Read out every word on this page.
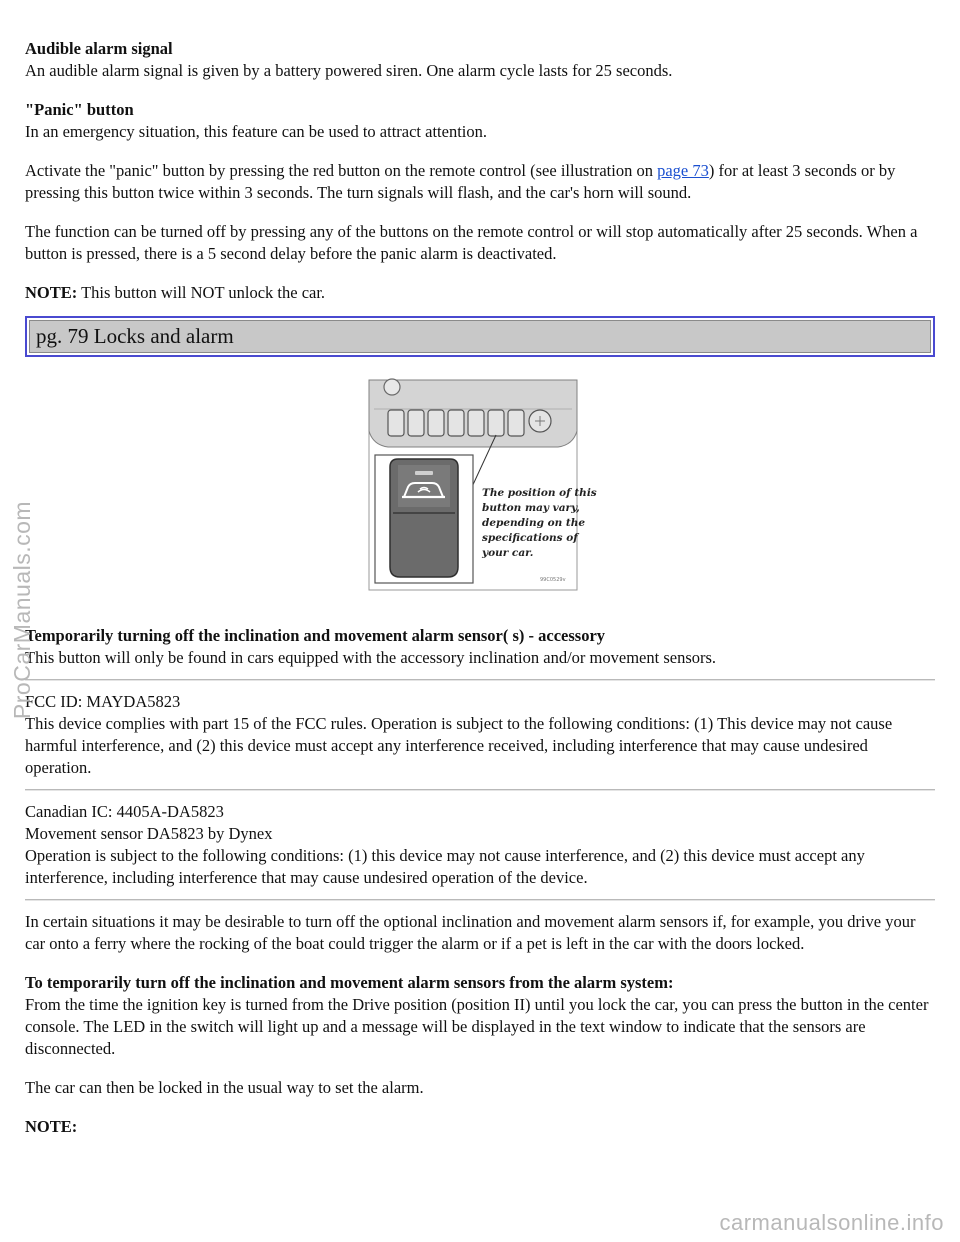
Audible alarm signal

An audible alarm signal is given by a battery powered siren. One alarm cycle lasts for 25 seconds.

"Panic" button

In an emergency situation, this feature can be used to attract attention.

Activate the "panic" button by pressing the red button on the remote control (see illustration on page 73) for at least 3 seconds or by pressing this button twice within 3 seconds. The turn signals will flash, and the car's horn will sound.

The function can be turned off by pressing any of the buttons on the remote control or will stop automatically after 25 seconds. When a button is pressed, there is a 5 second delay before the panic alarm is deactivated.

NOTE: This button will NOT unlock the car.

pg. 79 Locks and alarm
The position of this button may vary, depending on the specifications of your car.
99C0529v

Temporarily turning off the inclination and movement alarm sensor( s) - accessory

This button will only be found in cars equipped with the accessory inclination and/or movement sensors.

FCC ID: MAYDA5823

This device complies with part 15 of the FCC rules. Operation is subject to the following conditions: (1) This device may not cause harmful interference, and (2) this device must accept any interference received, including interference that may cause undesired operation.

Canadian IC: 4405A-DA5823

Movement sensor DA5823 by Dynex

Operation is subject to the following conditions: (1) this device may not cause interference, and (2) this device must accept any interference, including interference that may cause undesired operation of the device.

In certain situations it may be desirable to turn off the optional inclination and movement alarm sensors if, for example, you drive your car onto a ferry where the rocking of the boat could trigger the alarm or if a pet is left in the car with the doors locked.

To temporarily turn off the inclination and movement alarm sensors from the alarm system:

From the time the ignition key is turned from the Drive position (position II) until you lock the car, you can press the button in the center console. The LED in the switch will light up and a message will be displayed in the text window to indicate that the sensors are disconnected.

The car can then be locked in the usual way to set the alarm.

NOTE:

ProCarManuals.com
carmanualsonline.info
